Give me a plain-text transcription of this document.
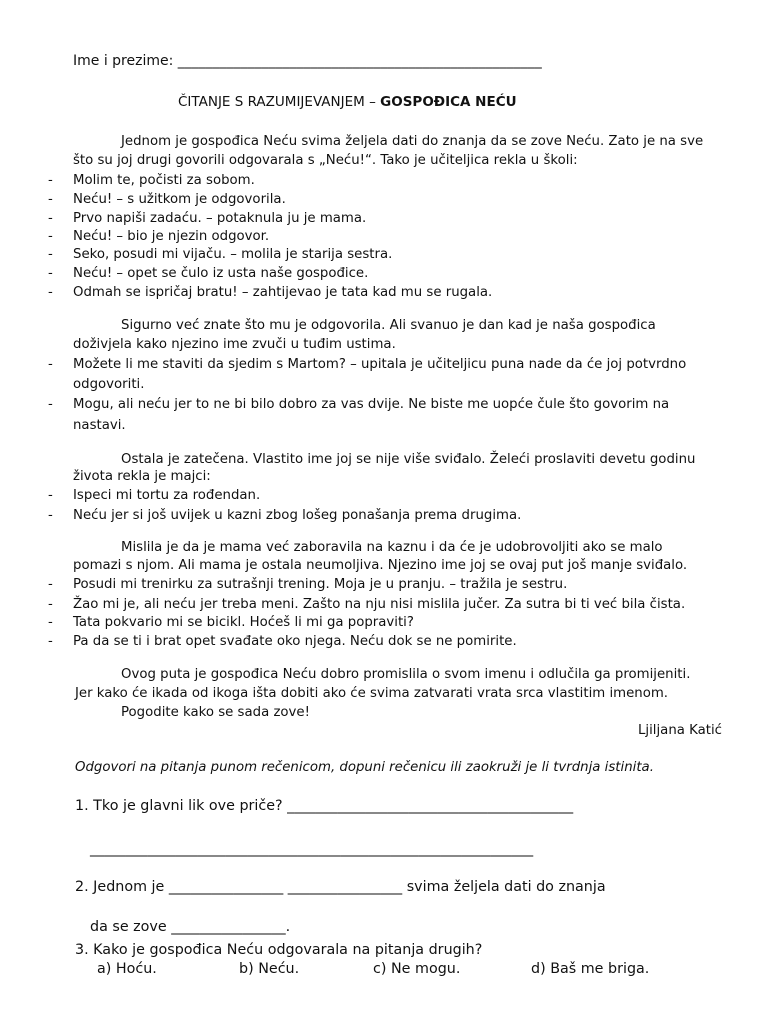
Ime i prezime: ____________________________________________________
ČITANJE S RAZUMIJEVANJEM – GOSPOĐICA NEĆU
Jednom je gospođica Neću svima željela dati do znanja da se zove Neću. Zato je na sve
što su joj drugi govorili odgovarala s „Neću!“. Tako je učiteljica rekla u školi:
- Molim te, počisti za sobom.
- Neću! – s užitkom je odgovorila.
- Prvo napiši zadaću. – potaknula ju je mama.
- Neću! – bio je njezin odgovor.
- Seko, posudi mi vijaču. – molila je starija sestra.
- Neću! – opet se čulo iz usta naše gospođice.
- Odmah se ispričaj bratu! – zahtijevao je tata kad mu se rugala.
Sigurno već znate što mu je odgovorila. Ali svanuo je dan kad je naša gospođica
doživjela kako njezino ime zvuči u tuđim ustima.
- Možete li me staviti da sjedim s Martom? – upitala je učiteljicu puna nade da će joj potvrdno
odgovoriti.
- Mogu, ali neću jer to ne bi bilo dobro za vas dvije. Ne biste me uopće čule što govorim na
nastavi.
Ostala je zatečena. Vlastito ime joj se nije više sviđalo. Želeći proslaviti devetu godinu
života rekla je majci:
- Ispeci mi tortu za rođendan.
- Neću jer si još uvijek u kazni zbog lošeg ponašanja prema drugima.
Mislila je da je mama već zaboravila na kaznu i da će je udobrovoljiti ako se malo
pomazi s njom. Ali mama je ostala neumoljiva. Njezino ime joj se ovaj put još manje sviđalo.
- Posudi mi trenirku za sutrašnji trening. Moja je u pranju. – tražila je sestru.
- Žao mi je, ali neću jer treba meni. Zašto na nju nisi mislila jučer. Za sutra bi ti već bila čista.
- Tata pokvario mi se bicikl. Hoćeš li mi ga popraviti?
- Pa da se ti i brat opet svađate oko njega. Neću dok se ne pomirite.
Ovog puta je gospođica Neću dobro promislila o svom imenu i odlučila ga promijeniti.
Jer kako će ikada od ikoga išta dobiti ako će svima zatvarati vrata srca vlastitim imenom.
Pogodite kako se sada zove!
Ljiljana Katić
Odgovori na pitanja punom rečenicom, dopuni rečenicu ili zaokruži je li tvrdnja istinita.
1. Tko je glavni lik ove priče? ________________________________________
______________________________________________________________
2. Jednom je ________________ ________________ svima željela dati do znanja
da se zove ________________.
3. Kako je gospođica Neću odgovarala na pitanja drugih?
a) Hoću.	b) Neću.	c) Ne mogu.	d) Baš me briga.
